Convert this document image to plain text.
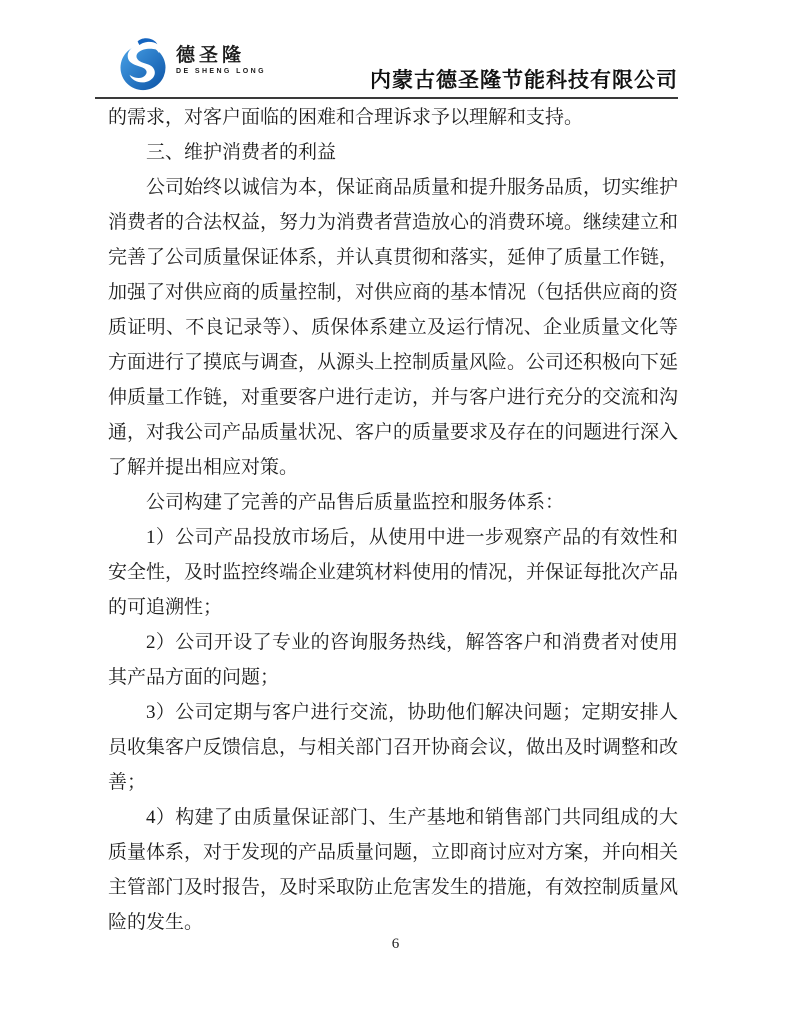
德圣隆
DE SHENG LONG	内蒙古德圣隆节能科技有限公司

的需求，对客户面临的困难和合理诉求予以理解和支持。

三、维护消费者的利益

公司始终以诚信为本，保证商品质量和提升服务品质，切实维护消费者的合法权益，努力为消费者营造放心的消费环境。继续建立和完善了公司质量保证体系，并认真贯彻和落实，延伸了质量工作链，加强了对供应商的质量控制，对供应商的基本情况（包括供应商的资质证明、不良记录等）、质保体系建立及运行情况、企业质量文化等方面进行了摸底与调查，从源头上控制质量风险。公司还积极向下延伸质量工作链，对重要客户进行走访，并与客户进行充分的交流和沟通，对我公司产品质量状况、客户的质量要求及存在的问题进行深入了解并提出相应对策。

公司构建了完善的产品售后质量监控和服务体系：

1）公司产品投放市场后，从使用中进一步观察产品的有效性和安全性，及时监控终端企业建筑材料使用的情况，并保证每批次产品的可追溯性；

2）公司开设了专业的咨询服务热线，解答客户和消费者对使用其产品方面的问题；

3）公司定期与客户进行交流，协助他们解决问题；定期安排人员收集客户反馈信息，与相关部门召开协商会议，做出及时调整和改善；

4）构建了由质量保证部门、生产基地和销售部门共同组成的大质量体系，对于发现的产品质量问题，立即商讨应对方案，并向相关主管部门及时报告，及时采取防止危害发生的措施，有效控制质量风险的发生。

6
